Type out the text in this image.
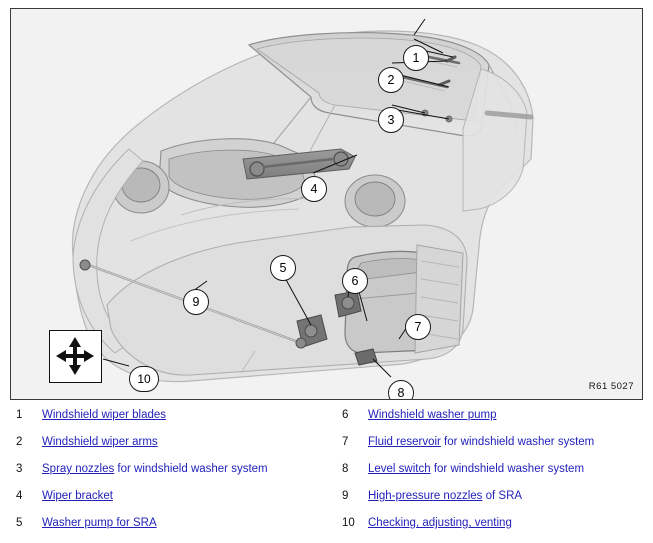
1
2
3
4
5
6
7
8
9
10
R61 5027
1	Windshield wiper blades
2	Windshield wiper arms
3	Spray nozzles for windshield washer system
4	Wiper bracket
5	Washer pump for SRA
6	Windshield washer pump
7	Fluid reservoir for windshield washer system
8	Level switch for windshield washer system
9	High-pressure nozzles of SRA
10	Checking, adjusting, venting
